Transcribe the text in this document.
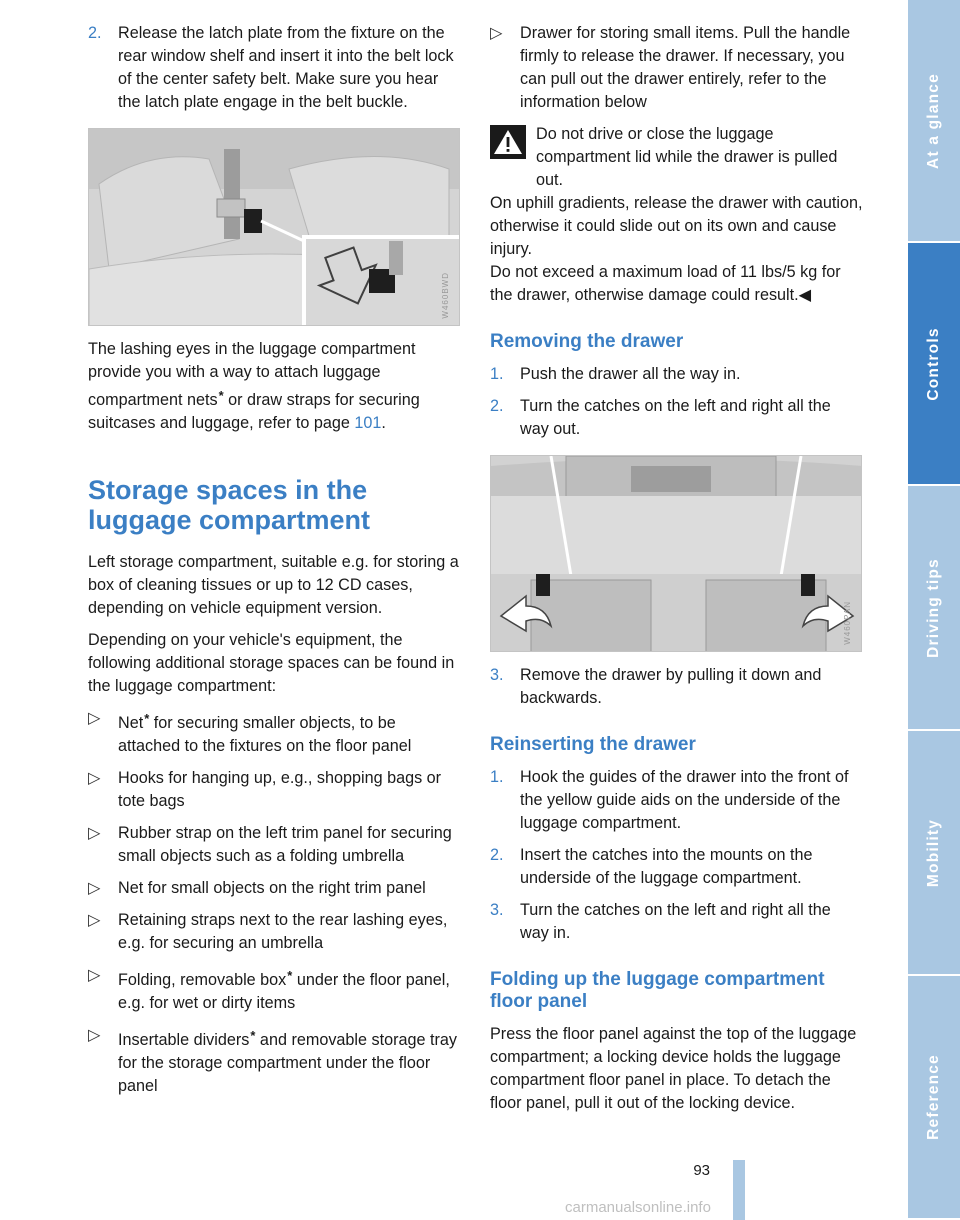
2. Release the latch plate from the fixture on the rear window shelf and insert it into the belt lock of the center safety belt. Make sure you hear the latch plate engage in the belt buckle.
W460BWD

The lashing eyes in the luggage compartment provide you with a way to attach luggage compartment nets* or draw straps for securing suitcases and luggage, refer to page 101.

Storage spaces in the luggage compartment

Left storage compartment, suitable e.g. for storing a box of cleaning tissues or up to 12 CD cases, depending on vehicle equipment version.

Depending on your vehicle's equipment, the following additional storage spaces can be found in the luggage compartment:

▷ Net* for securing smaller objects, to be attached to the fixtures on the floor panel
▷ Hooks for hanging up, e.g., shopping bags or tote bags
▷ Rubber strap on the left trim panel for securing small objects such as a folding umbrella
▷ Net for small objects on the right trim panel
▷ Retaining straps next to the rear lashing eyes, e.g. for securing an umbrella
▷ Folding, removable box* under the floor panel, e.g. for wet or dirty items
▷ Insertable dividers* and removable storage tray for the storage compartment under the floor panel
▷ Drawer for storing small items. Pull the handle firmly to release the drawer. If necessary, you can pull out the drawer entirely, refer to the information below
Do not drive or close the luggage compartment lid while the drawer is pulled out.

On uphill gradients, release the drawer with caution, otherwise it could slide out on its own and cause injury.

Do not exceed a maximum load of 11 lbs/5 kg for the drawer, otherwise damage could result.◀

Removing the drawer
1. Push the drawer all the way in.
2. Turn the catches on the left and right all the way out.
W460PAN
3. Remove the drawer by pulling it down and backwards.
Reinserting the drawer
1. Hook the guides of the drawer into the front of the yellow guide aids on the underside of the luggage compartment.
2. Insert the catches into the mounts on the underside of the luggage compartment.
3. Turn the catches on the left and right all the way in.
Folding up the luggage compartment floor panel

Press the floor panel against the top of the luggage compartment; a locking device holds the luggage compartment floor panel in place. To detach the floor panel, pull it out of the locking device.

At a glance
Controls
Driving tips
Mobility
Reference
93
carmanualsonline.info
